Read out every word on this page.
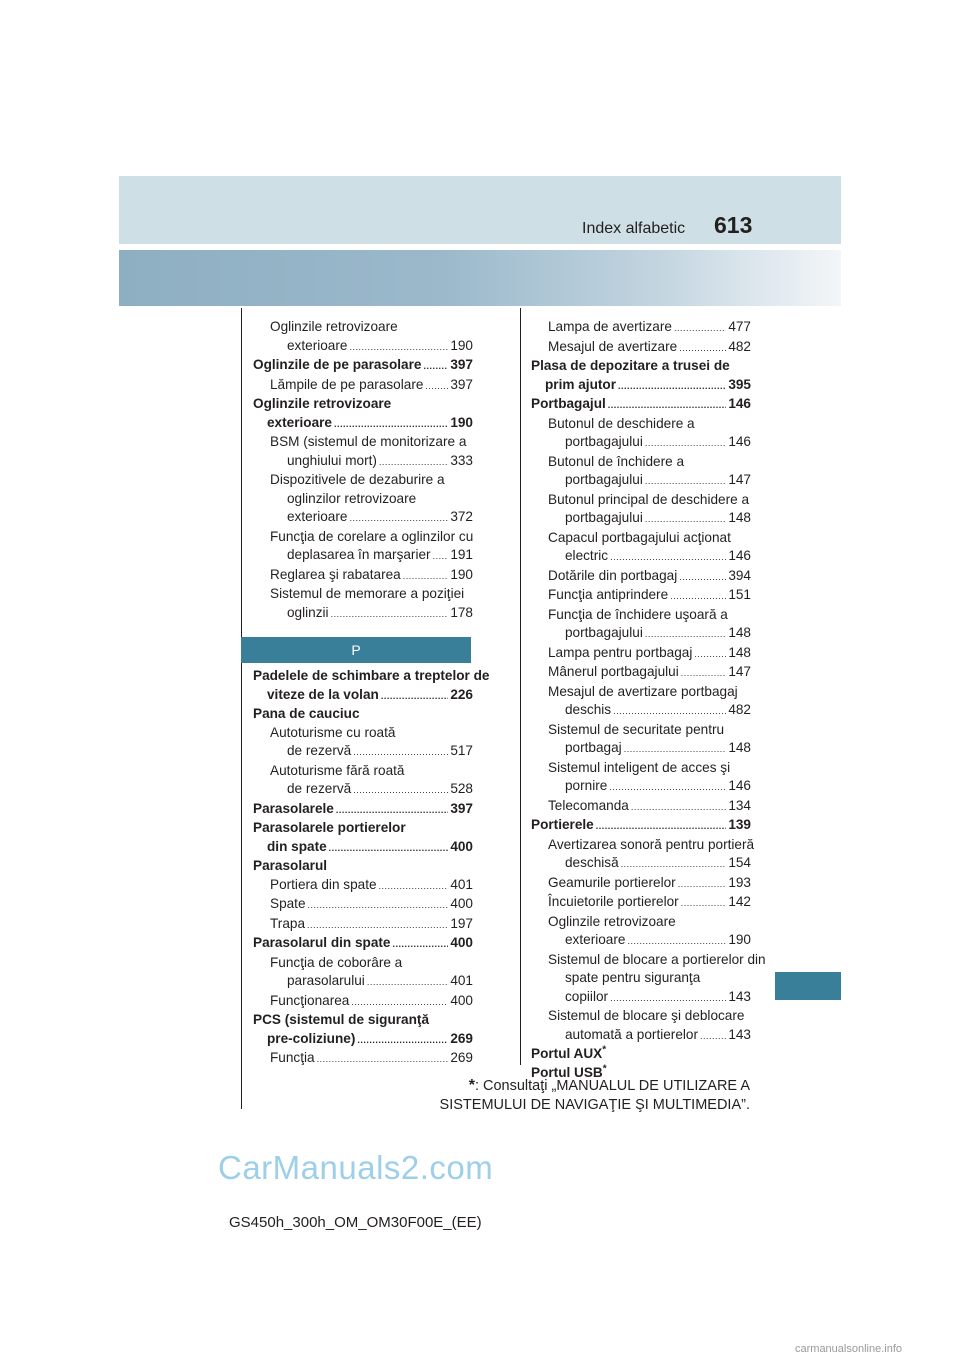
Index alfabetic 613
Oglinzile retrovizoare
exterioare .....	190
Oglinzile de pe parasolare ..... 397
Lămpile de pe parasolare ..... 397
Oglinzile retrovizoare
exterioare .....	190
BSM (sistemul de monitorizare a
unghiului mort) .....	333
Dispozitivele de dezaburire a
oglinzilor retrovizoare
exterioare .....	372
Funcţia de corelare a oglinzilor cu
deplasarea în marşarier ..... 191
Reglarea şi rabatarea .....	190
Sistemul de memorare a poziţiei
oglinzii .....	178
P
Padelele de schimbare a treptelor de
viteze de la volan .....	226
Pana de cauciuc
Autoturisme cu roată
de rezervă .....	517
Autoturisme fără roată
de rezervă .....	528
Parasolarele .....	397
Parasolarele portierelor
din spate .....	400
Parasolarul
Portiera din spate .....	401
Spate .....	400
Trapa .....	197
Parasolarul din spate .....	400
Funcţia de coborâre a
parasolarului .....	401
Funcţionarea .....	400
PCS (sistemul de siguranţă
pre-coliziune) .....	269
Funcţia .....	269
Lampa de avertizare .....	477
Mesajul de avertizare .....	482
Plasa de depozitare a trusei de
prim ajutor .....	395
Portbagajul .....	146
Butonul de deschidere a
portbagajului .....	146
Butonul de închidere a
portbagajului .....	147
Butonul principal de deschidere a
portbagajului .....	148
Capacul portbagajului acţionat
electric .....	146
Dotările din portbagaj .....	394
Funcţia antiprindere .....	151
Funcţia de închidere uşoară a
portbagajului .....	148
Lampa pentru portbagaj .....	148
Mânerul portbagajului .....	147
Mesajul de avertizare portbagaj
deschis .....	482
Sistemul de securitate pentru
portbagaj .....	148
Sistemul inteligent de acces şi
pornire .....	146
Telecomanda .....	134
Portierele .....	139
Avertizarea sonoră pentru portieră
deschisă .....	154
Geamurile portierelor .....	193
Încuietorile portierelor .....	142
Oglinzile retrovizoare
exterioare .....	190
Sistemul de blocare a portierelor din
spate pentru siguranţa
copiilor .....	143
Sistemul de blocare şi deblocare
automată a portierelor ..... 143
Portul AUX*
Portul USB*
*: Consultaţi „MANUALUL DE UTILIZARE A
SISTEMULUI DE NAVIGAŢIE ŞI MULTIMEDIA”.
CarManuals2.com
GS450h_300h_OM_OM30F00E_(EE)
carmanualsonline.info
